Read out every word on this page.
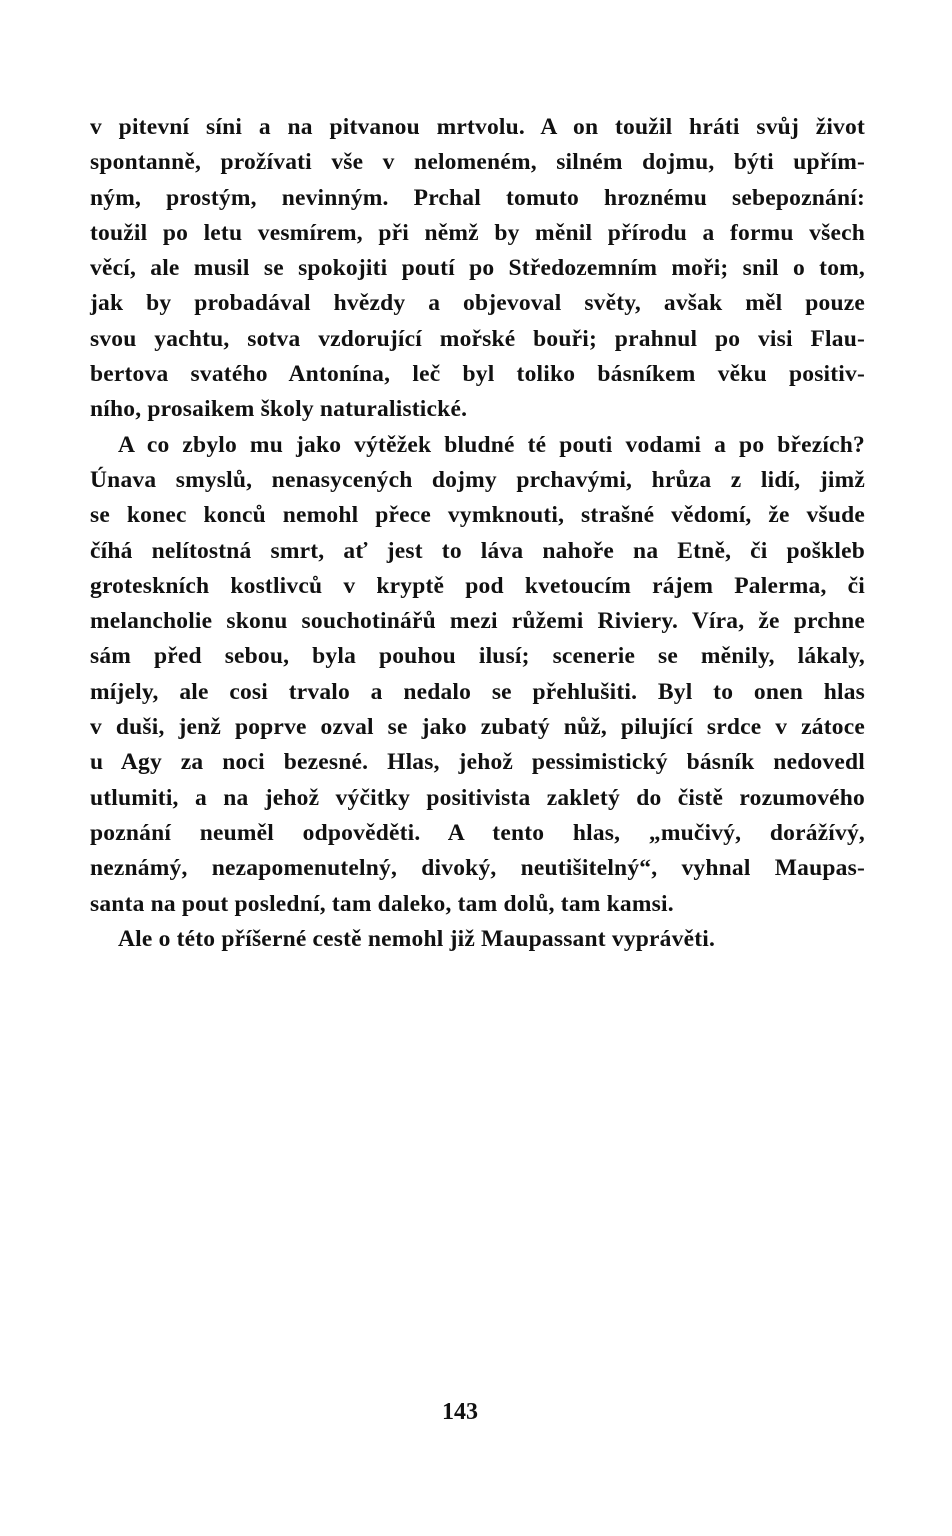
v pitevní síni a na pitvanou mrtvolu. A on toužil hráti svůj život
spontanně, prožívati vše v nelomeném, silném dojmu, býti upřím-
ným, prostým, nevinným. Prchal tomuto hroznému sebepoznání:
toužil po letu vesmírem, při němž by měnil přírodu a formu všech
věcí, ale musil se spokojiti poutí po Středozemním moři; snil o tom,
jak by probadával hvězdy a objevoval světy, avšak měl pouze
svou yachtu, sotva vzdorující mořské bouři; prahnul po visi Flau-
bertova svatého Antonína, leč byl toliko básníkem věku positiv-
ního, prosaikem školy naturalistické.
A co zbylo mu jako výtěžek bludné té pouti vodami a po březích?
Únava smyslů, nenasycených dojmy prchavými, hrůza z lidí, jimž
se konec konců nemohl přece vymknouti, strašné vědomí, že všude
číhá nelítostná smrt, ať jest to láva nahoře na Etně, či pošklеb
groteskních kostlivců v kryptě pod kvetoucím rájem Palerma, či
melancholie skonu souchotinářů mezi růžemi Riviery. Víra, že prchne
sám před sebou, byla pouhou ilusí; scenerie se měnily, lákaly,
míjely, ale cosi trvalo a nedalo se přehlušiti. Byl to onen hlas
v duši, jenž poprve ozval se jako zubatý nůž, pilující srdce v zátoce
u Agy za noci bezesné. Hlas, jehož pessimistický básník nedovedl
utlumiti, a na jehož výčitky positivista zakletý do čistě rozumového
poznání neuměl odpověděti. A tento hlas, „mučivý, dorážívý,
neznámý, nezapomenutelný, divoký, neutišitelný“, vyhnal Maupas-
santa na pout poslední, tam daleko, tam dolů, tam kamsi.
Ale o této příšerné cestě nemohl již Maupassant vyprávěti.
143
